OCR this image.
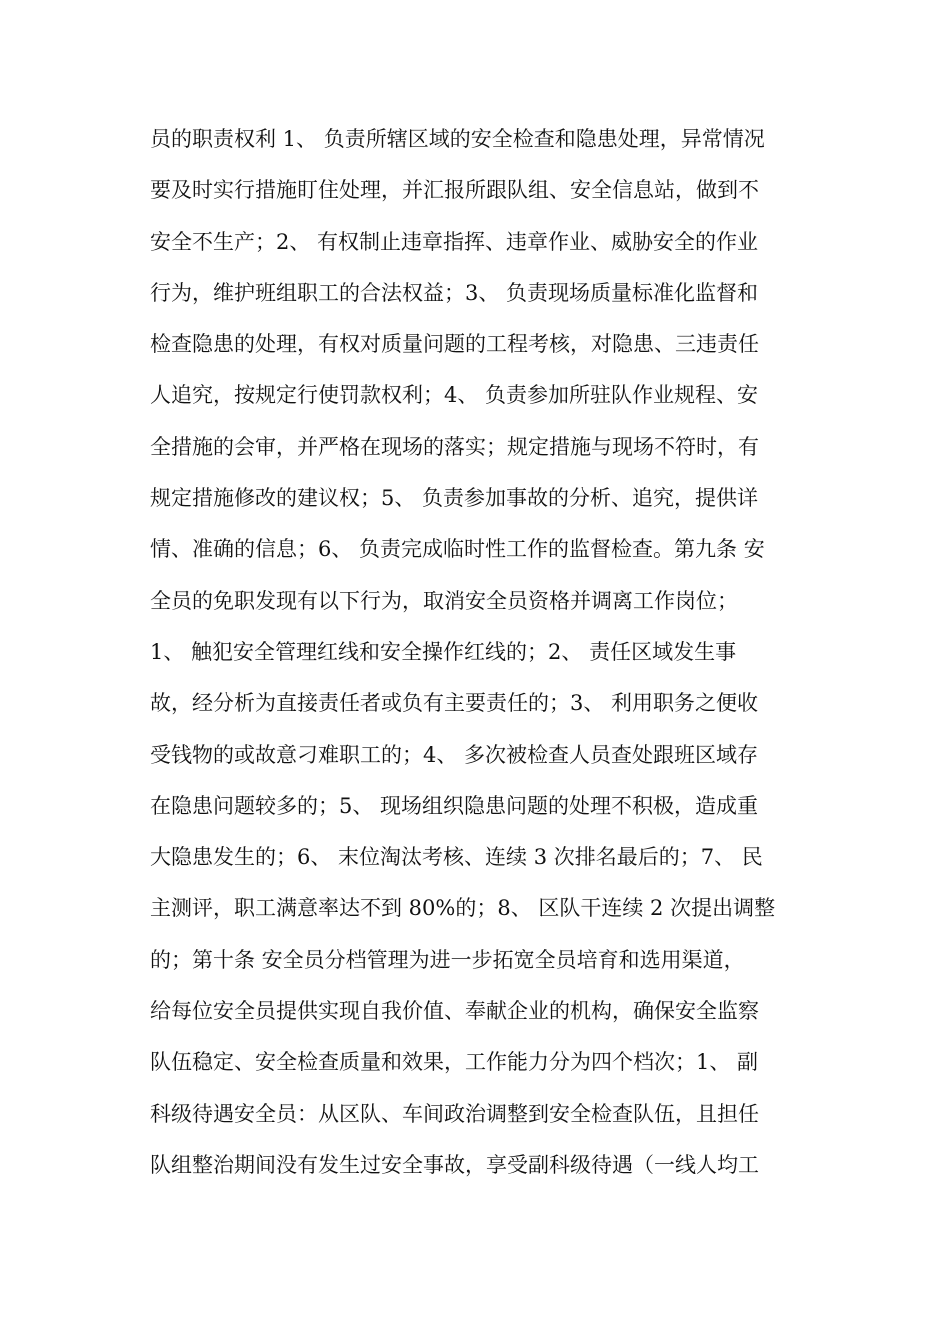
员的职责权利 1、 负责所辖区域的安全检查和隐患处理，异常情况
要及时实行措施盯住处理，并汇报所跟队组、安全信息站，做到不
安全不生产；2、 有权制止违章指挥、违章作业、威胁安全的作业
行为，维护班组职工的合法权益；3、 负责现场质量标准化监督和
检查隐患的处理，有权对质量问题的工程考核，对隐患、三违责任
人追究，按规定行使罚款权利；4、 负责参加所驻队作业规程、安
全措施的会审，并严格在现场的落实；规定措施与现场不符时，有
规定措施修改的建议权；5、 负责参加事故的分析、追究，提供详
情、准确的信息；6、 负责完成临时性工作的监督检查。第九条 安
全员的免职发现有以下行为，取消安全员资格并调离工作岗位；
1、 触犯安全管理红线和安全操作红线的；2、 责任区域发生事
故，经分析为直接责任者或负有主要责任的；3、 利用职务之便收
受钱物的或故意刁难职工的；4、 多次被检查人员查处跟班区域存
在隐患问题较多的；5、 现场组织隐患问题的处理不积极，造成重
大隐患发生的；6、 末位淘汰考核、连续 3 次排名最后的；7、 民
主测评，职工满意率达不到 80%的；8、 区队干连续 2 次提出调整
的；第十条 安全员分档管理为进一步拓宽全员培育和选用渠道，
给每位安全员提供实现自我价值、奉献企业的机构，确保安全监察
队伍稳定、安全检查质量和效果，工作能力分为四个档次；1、 副
科级待遇安全员：从区队、车间政治调整到安全检查队伍，且担任
队组整治期间没有发生过安全事故，享受副科级待遇（一线人均工
